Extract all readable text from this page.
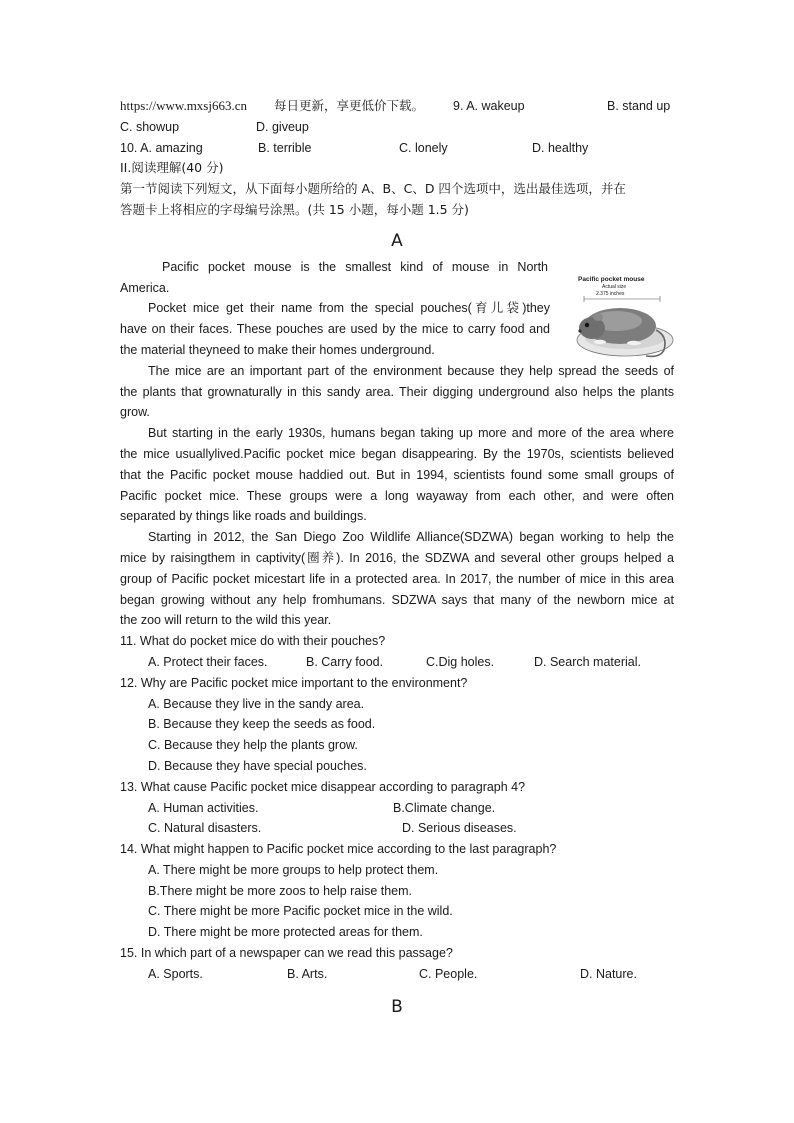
https://www.mxsj663.cn 每日更新，享更低价下载。 9. A. wakeup	B. stand up
C. showup	D. giveup
10. A. amazing	B. terrible	C. lonely	D. healthy
II.阅读理解(40 分)
第一节阅读下列短文，从下面每小题所给的 A、B、C、D 四个选项中，选出最佳选项，并在
答题卡上将相应的字母编号涂黑。(共 15 小题，每小题 1.5 分)
A
Pacific pocket mouse is the smallest kind of mouse in North
America.
Pocket mice get their name from the special pouches(育儿袋)they
have on their faces. These pouches are used by the mice to carry food and
the material theyneed to make their homes underground.
The mice are an important part of the environment because they help spread the seeds of
the plants that grownaturally in this sandy area. Their digging underground also helps the plants
grow.
But starting in the early 1930s, humans began taking up more and more of the area where
the mice usuallylived.Pacific pocket mice began disappearing. By the 1970s, scientists believed
that the Pacific pocket mouse haddied out. But in 1994, scientists found some small groups of
Pacific pocket mice. These groups were a long wayaway from each other, and were often
separated by things like roads and buildings.
Starting in 2012, the San Diego Zoo Wildlife Alliance(SDZWA) began working to help the
mice by raisingthem in captivity(圈养). In 2016, the SDZWA and several other groups helped a
group of Pacific pocket micestart life in a protected area. In 2017, the number of mice in this area
began growing without any help fromhumans. SDZWA says that many of the newborn mice at
the zoo will return to the wild this year.
11. What do pocket mice do with their pouches?
A. Protect their faces.	B. Carry food.	C.Dig holes.	D. Search material.
12. Why are Pacific pocket mice important to the environment?
A. Because they live in the sandy area.
B. Because they keep the seeds as food.
C. Because they help the plants grow.
D. Because they have special pouches.
13. What cause Pacific pocket mice disappear according to paragraph 4?
A. Human activities.	B.Climate change.
C. Natural disasters.	D. Serious diseases.
14. What might happen to Pacific pocket mice according to the last paragraph?
A. There might be more groups to help protect them.
B.There might be more zoos to help raise them.
C. There might be more Pacific pocket mice in the wild.
D. There might be more protected areas for them.
15. In which part of a newspaper can we read this passage?
A. Sports.	B. Arts.	C. People.	D. Nature.
B
Pacific pocket mouse
Actual size
2.375 inches
